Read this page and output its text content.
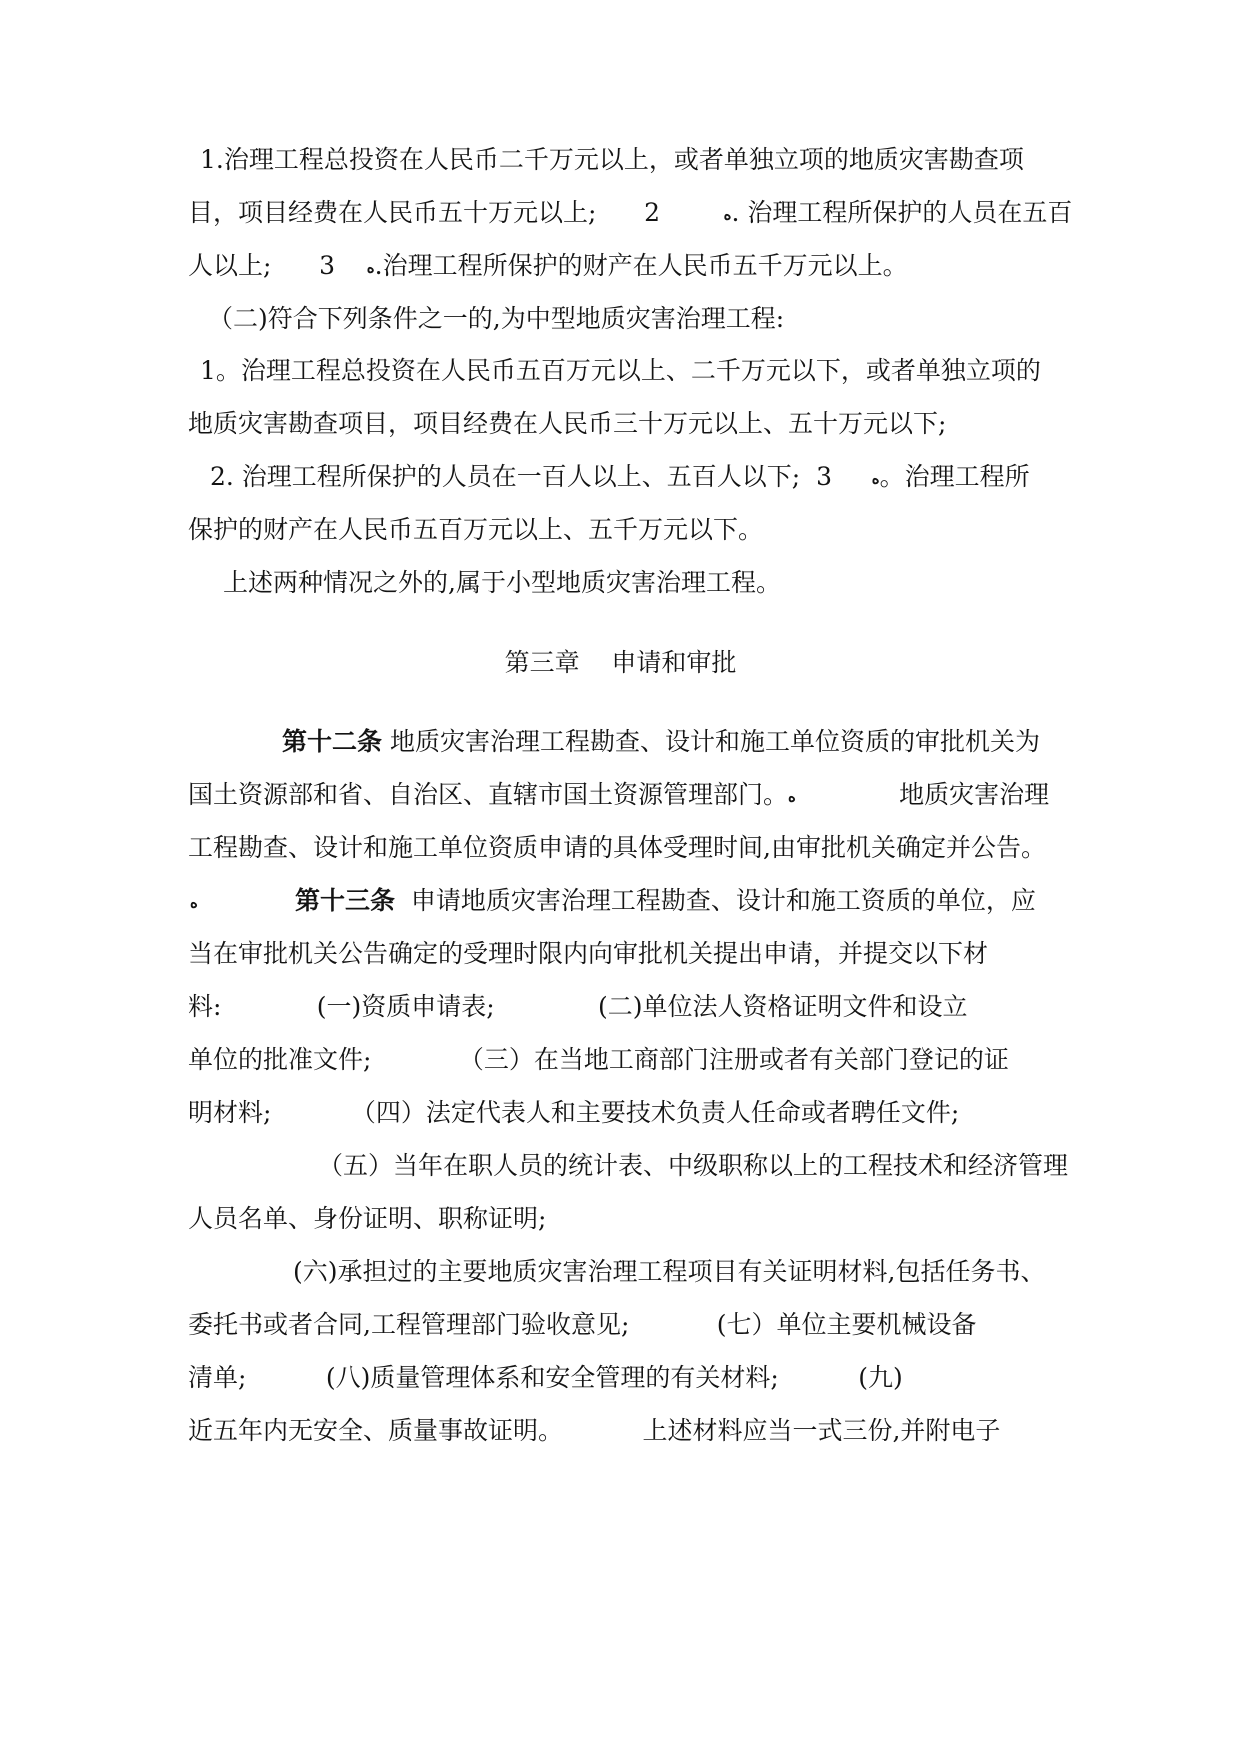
1.治理工程总投资在人民币二千万元以上，或者单独立项的地质灾害勘查项
目，项目经费在人民币五十万元以上;      2        ﻩ. 治理工程所保护的人员在五百
人以上;      3    ﻩ.治理工程所保护的财产在人民币五千万元以上。
（二)符合下列条件之一的,为中型地质灾害治理工程:
1。治理工程总投资在人民币五百万元以上、二千万元以下，或者单独立项的
地质灾害勘查项目，项目经费在人民币三十万元以上、五十万元以下;
2. 治理工程所保护的人员在一百人以上、五百人以下;  3     ﻩ。治理工程所
保护的财产在人民币五百万元以上、五千万元以下。
上述两种情况之外的,属于小型地质灾害治理工程。
第三章    申请和审批
第十二条 地质灾害治理工程勘查、设计和施工单位资质的审批机关为
国土资源部和省、自治区、直辖市国土资源管理部门。ﻩ             地质灾害治理
工程勘查、设计和施工单位资质申请的具体受理时间,由审批机关确定并公告。
ﻩ	第十三条  申请地质灾害治理工程勘查、设计和施工资质的单位，应
当在审批机关公告确定的受理时限内向审批机关提出申请，并提交以下材
料:            (一)资质申请表;             (二)单位法人资格证明文件和设立
单位的批准文件;           （三）在当地工商部门注册或者有关部门登记的证
明材料;          （四）法定代表人和主要技术负责人任命或者聘任文件;
（五）当年在职人员的统计表、中级职称以上的工程技术和经济管理
人员名单、身份证明、职称证明;
(六)承担过的主要地质灾害治理工程项目有关证明材料,包括任务书、
委托书或者合同,工程管理部门验收意见;           (七）单位主要机械设备
清单;          (八)质量管理体系和安全管理的有关材料;          (九)
近五年内无安全、质量事故证明。          上述材料应当一式三份,并附电子
